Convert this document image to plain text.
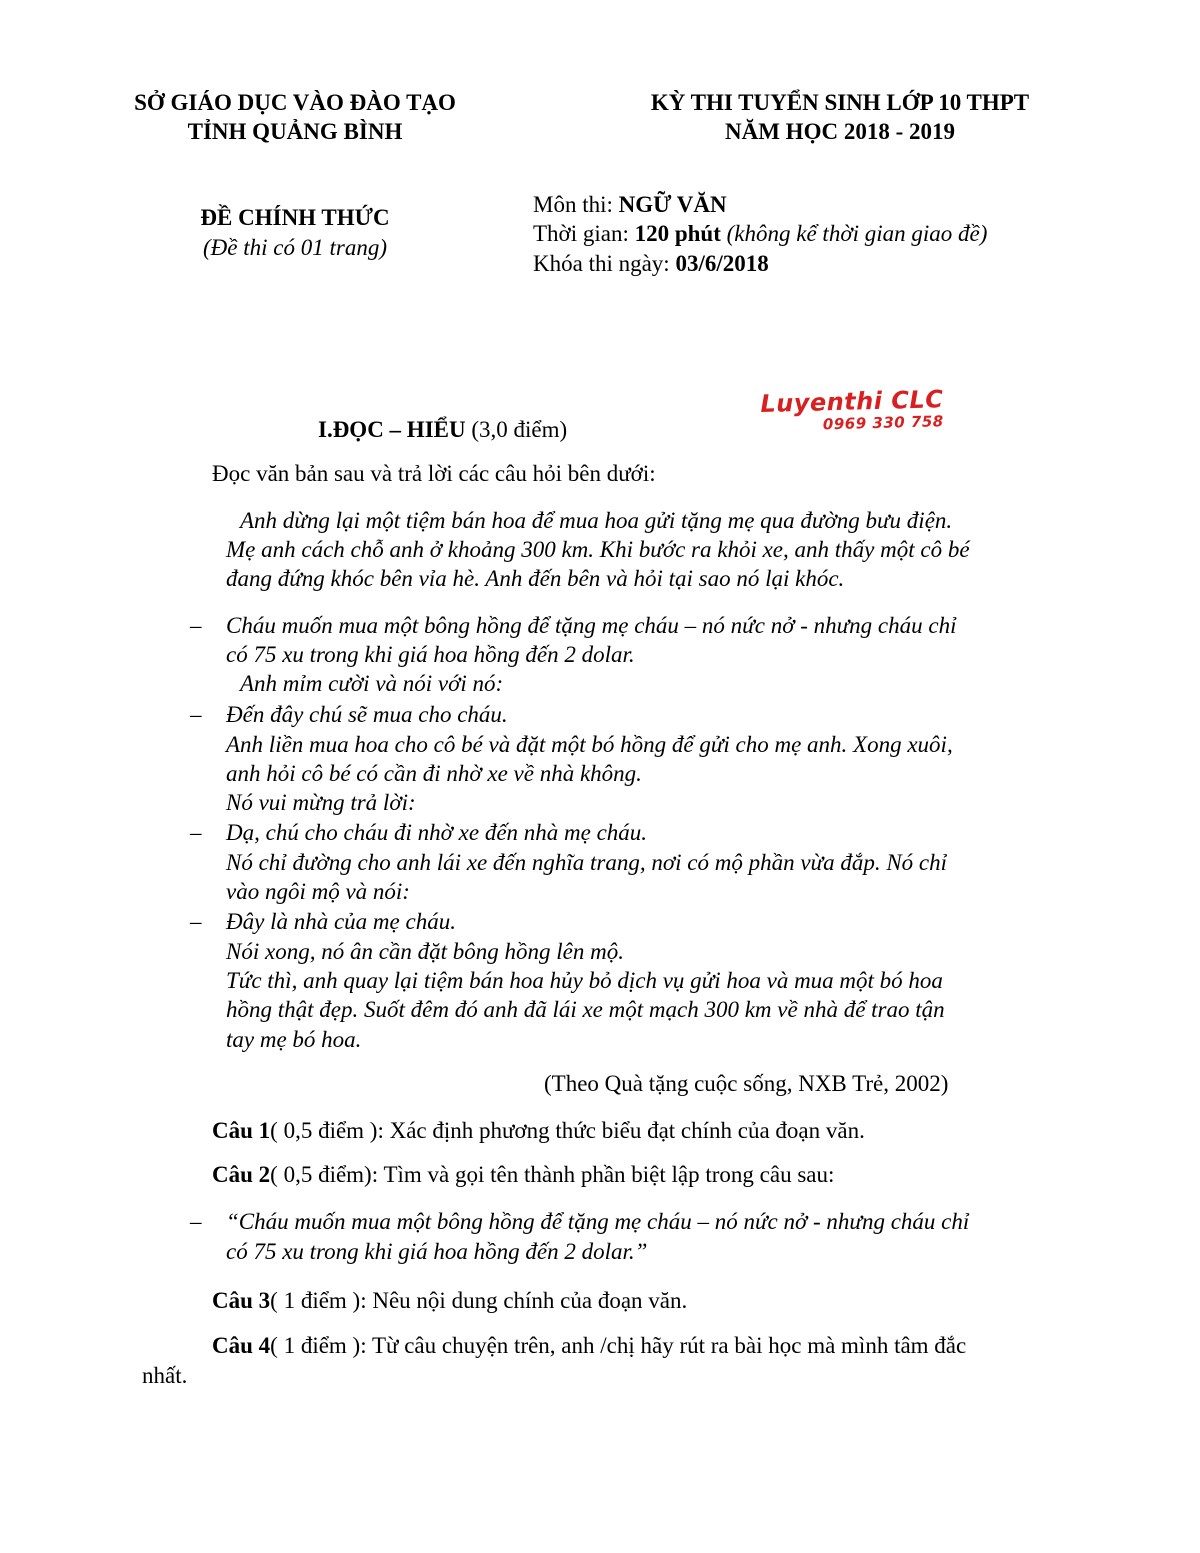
SỞ GIÁO DỤC VÀO ĐÀO TẠO
TỈNH QUẢNG BÌNH
KỲ THI TUYỂN SINH LỚP 10 THPT
NĂM HỌC 2018 - 2019
ĐỀ CHÍNH THỨC
(Đề thi có 01 trang)
Môn thi: NGỮ VĂN
Thời gian: 120 phút (không kể thời gian giao đề)
Khóa thi ngày: 03/6/2018
Luyenthi CLC
0969 330 758
I.ĐỌC – HIỂU (3,0 điểm)
Đọc văn bản sau và trả lời các câu hỏi bên dưới:
Anh dừng lại một tiệm bán hoa để mua hoa gửi tặng mẹ qua đường bưu điện.
Mẹ anh cách chỗ anh ở khoảng 300 km. Khi bước ra khỏi xe, anh thấy một cô bé
đang đứng khóc bên vỉa hè. Anh đến bên và hỏi tại sao nó lại khóc.
–	Cháu muốn mua một bông hồng để tặng mẹ cháu – nó nức nở - nhưng cháu chỉ
có 75 xu trong khi giá hoa hồng đến 2 dolar.
Anh mỉm cười và nói với nó:
–	Đến đây chú sẽ mua cho cháu.
Anh liền mua hoa cho cô bé và đặt một bó hồng để gửi cho mẹ anh. Xong xuôi,
anh hỏi cô bé có cần đi nhờ xe về nhà không.
Nó vui mừng trả lời:
–	Dạ, chú cho cháu đi nhờ xe đến nhà mẹ cháu.
Nó chỉ đường cho anh lái xe đến nghĩa trang, nơi có mộ phần vừa đắp. Nó chỉ
vào ngôi mộ và nói:
–	Đây là nhà của mẹ cháu.
Nói xong, nó ân cần đặt bông hồng lên mộ.
Tức thì, anh quay lại tiệm bán hoa hủy bỏ dịch vụ gửi hoa và mua một bó hoa
hồng thật đẹp. Suốt đêm đó anh đã lái xe một mạch 300 km về nhà để trao tận
tay mẹ bó hoa.
(Theo Quà tặng cuộc sống, NXB Trẻ, 2002)
Câu 1( 0,5 điểm ): Xác định phương thức biểu đạt chính của đoạn văn.
Câu 2( 0,5 điểm): Tìm và gọi tên thành phần biệt lập trong câu sau:
–	“Cháu muốn mua một bông hồng để tặng mẹ cháu – nó nức nở - nhưng cháu chỉ
có 75 xu trong khi giá hoa hồng đến 2 dolar.”
Câu 3( 1 điểm ): Nêu nội dung chính của đoạn văn.
Câu 4( 1 điểm ): Từ câu chuyện trên, anh /chị hãy rút ra bài học mà mình tâm đắc
nhất.
